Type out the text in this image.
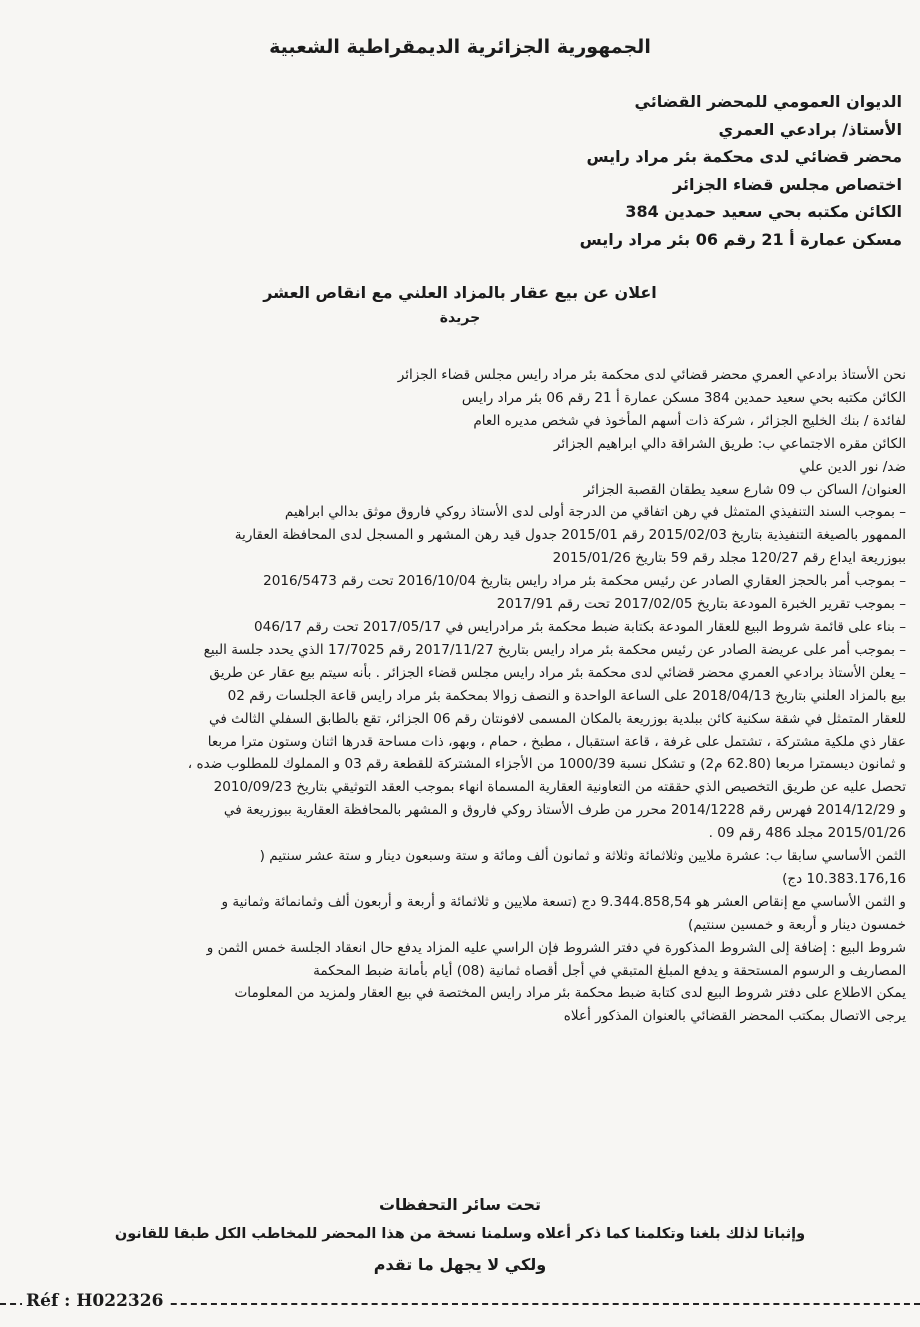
الجمهورية الجزائرية الديمقراطية الشعبية
الديوان العمومي للمحضر القضائي
الأستاذ/ برادعي العمري
محضر قضائي لدى محكمة بئر مراد رايس
اختصاص مجلس قضاء الجزائر
الكائن مكتبه بحي سعيد حمدين 384
مسكن عمارة أ 21 رقم 06 بئر مراد رايس
اعلان عن بيع عقار بالمزاد العلني مع انقاص العشر
جريدة
نحن الأستاذ برادعي العمري محضر قضائي لدى محكمة بئر مراد رايس مجلس قضاء الجزائر
الكائن مكتبه بحي سعيد حمدين 384 مسكن عمارة أ 21 رقم 06 بئر مراد رايس
لفائدة / بنك الخليج الجزائر ، شركة ذات أسهم المأخوذ في شخص مديره العام
الكائن مقره الاجتماعي ب: طريق الشراقة دالي ابراهيم الجزائر
ضد/ نور الدين علي
العنوان/ الساكن ب 09 شارع سعيد يطقان القصبة الجزائر
– بموجب السند التنفيذي المتمثل في رهن اتفاقي من الدرجة أولى لدى الأستاذ روكي فاروق موثق بدالي ابراهيم
الممهور بالصيغة التنفيذية بتاريخ 2015/02/03 رقم 2015/01 جدول قيد رهن المشهر و المسجل لدى المحافظة العقارية
ببوزريعة ايداع رقم 120/27 مجلد رقم 59 بتاريخ 2015/01/26
– بموجب أمر بالحجز العقاري الصادر عن رئيس محكمة بئر مراد رايس بتاريخ 2016/10/04 تحت رقم 2016/5473
– بموجب تقرير الخبرة المودعة بتاريخ 2017/02/05 تحت رقم 2017/91
– بناء على قائمة شروط البيع للعقار المودعة بكتابة ضبط محكمة بئر مرادرايس في 2017/05/17 تحت رقم 046/17
– بموجب أمر على عريضة الصادر عن رئيس محكمة بئر مراد رايس بتاريخ 2017/11/27 رقم 17/7025 الذي يحدد جلسة البيع
– يعلن الأستاذ برادعي العمري محضر قضائي لدى محكمة بئر مراد رايس مجلس قضاء الجزائر . بأنه سيتم بيع عقار عن طريق
بيع بالمزاد العلني بتاريخ 2018/04/13 على الساعة الواحدة و النصف زوالا بمحكمة بئر مراد رايس قاعة الجلسات رقم 02
للعقار المتمثل في شقة سكنية كائن ببلدية بوزريعة بالمكان المسمى لافونتان رقم 06 الجزائر، تقع بالطابق السفلي الثالث في
عقار ذي ملكية مشتركة ، تشتمل على غرفة ، قاعة استقبال ، مطبخ ، حمام ، وبهو، ذات مساحة قدرها اثنان وستون مترا مربعا
و ثمانون ديسمترا مربعا (62.80 م2) و تشكل نسبة 1000/39 من الأجزاء المشتركة للقطعة رقم 03 و المملوك للمطلوب ضده ،
تحصل عليه عن طريق التخصيص الذي حققته من التعاونية العقارية المسماة انهاء بموجب العقد التوثيقي بتاريخ 2010/09/23
و 2014/12/29 فهرس رقم 2014/1228 محرر من طرف الأستاذ روكي فاروق و المشهر بالمحافظة العقارية ببوزريعة في
2015/01/26 مجلد 486 رقم 09 .
الثمن الأساسي سابقا ب: عشرة ملايين وثلاثمائة وثلاثة و ثمانون ألف ومائة و ستة وسبعون دينار و ستة عشر سنتيم (
10.383.176,16 دج)
و الثمن الأساسي مع إنقاص العشر هو 9.344.858,54 دج (تسعة ملايين و ثلاثمائة و أربعة و أربعون ألف وثمانمائة وثمانية و
خمسون دينار و أربعة و خمسين سنتيم)
شروط البيع : إضافة إلى الشروط المذكورة في دفتر الشروط فإن الراسي عليه المزاد يدفع حال انعقاد الجلسة خمس الثمن و
المصاريف و الرسوم المستحقة و يدفع المبلغ المتبقي في أجل أقصاه ثمانية (08) أيام بأمانة ضبط المحكمة
يمكن الاطلاع على دفتر شروط البيع لدى كتابة ضبط محكمة بئر مراد رايس المختصة في بيع العقار ولمزيد من المعلومات
يرجى الاتصال بمكتب المحضر القضائي بالعنوان المذكور أعلاه
تحت سائر التحفظات
وإثباتا لذلك بلغنا وتكلمنا كما ذكر أعلاه وسلمنا نسخة من هذا المحضر للمخاطب الكل طبقا للقانون
ولكي لا يجهل ما تقدم
Réf : H022326
